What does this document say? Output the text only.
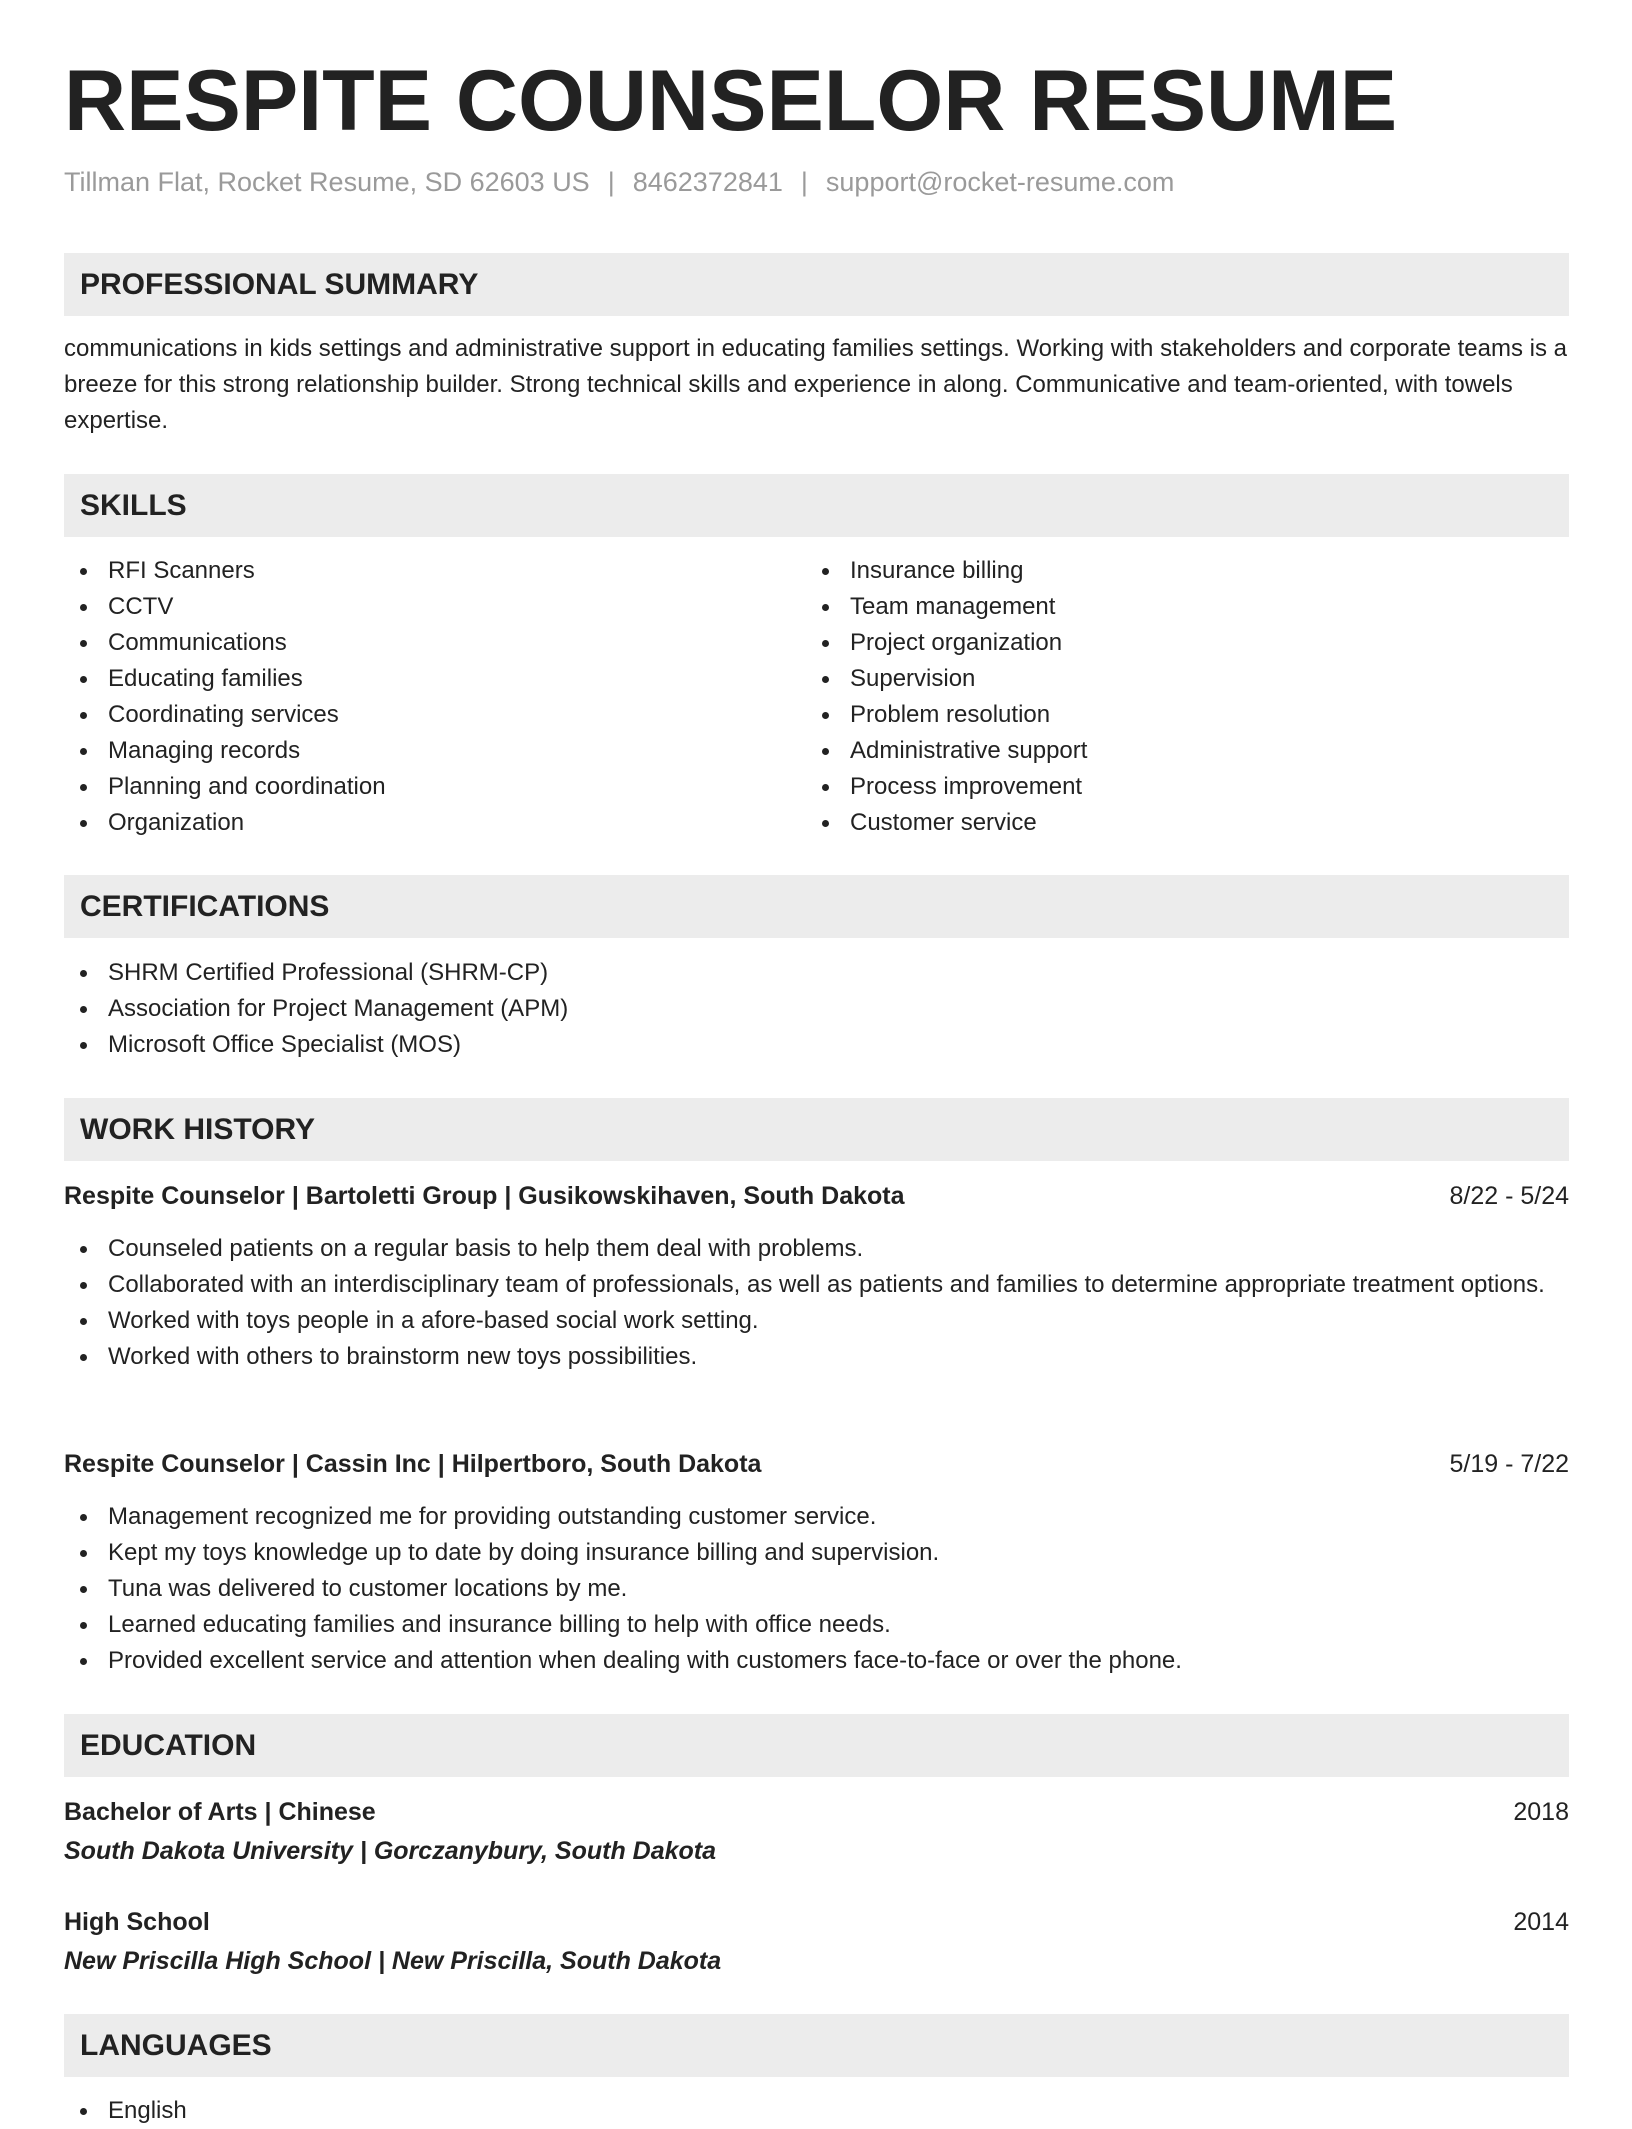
RESPITE COUNSELOR RESUME
Tillman Flat, Rocket Resume, SD 62603 US | 8462372841 | support@rocket-resume.com
PROFESSIONAL SUMMARY
communications in kids settings and administrative support in educating families settings. Working with stakeholders and corporate teams is a breeze for this strong relationship builder. Strong technical skills and experience in along. Communicative and team-oriented, with towels expertise.
SKILLS
RFI Scanners
CCTV
Communications
Educating families
Coordinating services
Managing records
Planning and coordination
Organization
Insurance billing
Team management
Project organization
Supervision
Problem resolution
Administrative support
Process improvement
Customer service
CERTIFICATIONS
SHRM Certified Professional (SHRM-CP)
Association for Project Management (APM)
Microsoft Office Specialist (MOS)
WORK HISTORY
Respite Counselor | Bartoletti Group | Gusikowskihaven, South Dakota	8/22 - 5/24
Counseled patients on a regular basis to help them deal with problems.
Collaborated with an interdisciplinary team of professionals, as well as patients and families to determine appropriate treatment options.
Worked with toys people in a afore-based social work setting.
Worked with others to brainstorm new toys possibilities.
Respite Counselor | Cassin Inc | Hilpertboro, South Dakota	5/19 - 7/22
Management recognized me for providing outstanding customer service.
Kept my toys knowledge up to date by doing insurance billing and supervision.
Tuna was delivered to customer locations by me.
Learned educating families and insurance billing to help with office needs.
Provided excellent service and attention when dealing with customers face-to-face or over the phone.
EDUCATION
Bachelor of Arts | Chinese	2018
South Dakota University | Gorczanybury, South Dakota
High School	2014
New Priscilla High School | New Priscilla, South Dakota
LANGUAGES
English
